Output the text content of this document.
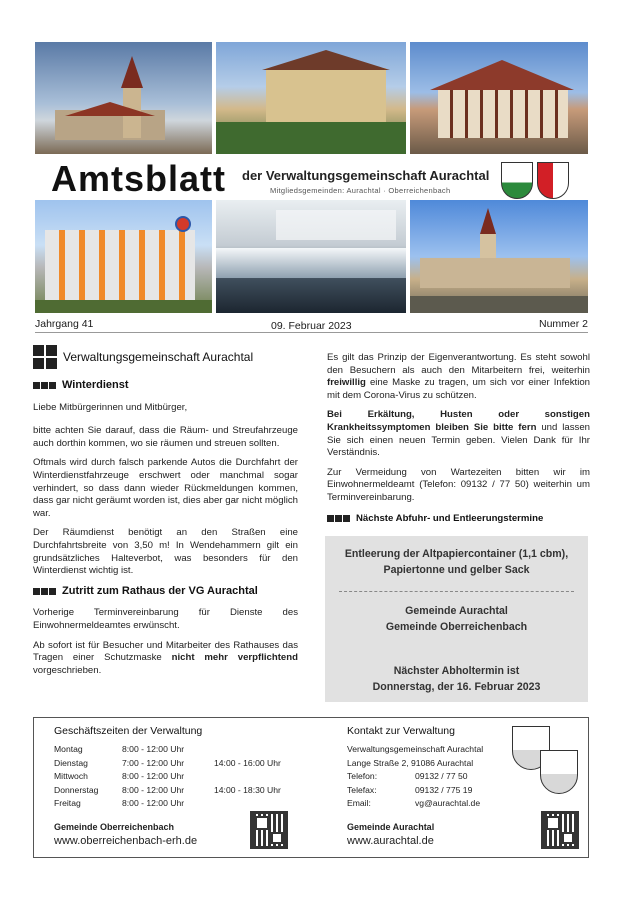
Amtsblatt der Verwaltungsgemeinschaft Aurachtal
Mitgliedsgemeinden: Aurachtal · Oberreichenbach
Jahrgang 41	09. Februar 2023	Nummer 2
Verwaltungsgemeinschaft Aurachtal
Winterdienst

Liebe Mitbürgerinnen und Mitbürger,

bitte achten Sie darauf, dass die Räum- und Streufahrzeuge auch dorthin kommen, wo sie räumen und streuen sollten.

Oftmals wird durch falsch parkende Autos die Durchfahrt der Winterdienstfahrzeuge erschwert oder manchmal sogar verhindert, so dass dann wieder Rückmeldungen kommen, dass gar nicht geräumt worden ist, dies aber gar nicht möglich war.

Der Räumdienst benötigt an den Straßen eine Durchfahrtsbreite von 3,50 m! In Wendehammern gilt ein grundsätzliches Halteverbot, was besonders für den Winterdienst wichtig ist.

Zutritt zum Rathaus der VG Aurachtal

Vorherige Terminvereinbarung für Dienste des Einwohnermeldeamtes erwünscht.

Ab sofort ist für Besucher und Mitarbeiter des Rathauses das Tragen einer Schutzmaske nicht mehr verpflichtend vorgeschrieben.

Es gilt das Prinzip der Eigenverantwortung. Es steht sowohl den Besuchern als auch den Mitarbeitern frei, weiterhin freiwillig eine Maske zu tragen, um sich vor einer Infektion mit dem Corona-Virus zu schützen.

Bei Erkältung, Husten oder sonstigen Krankheitssymptomen bleiben Sie bitte fern und lassen Sie sich einen neuen Termin geben. Vielen Dank für Ihr Verständnis.

Zur Vermeidung von Wartezeiten bitten wir im Einwohnermeldeamt (Telefon: 09132 / 77 50) weiterhin um Terminvereinbarung.

Nächste Abfuhr- und Entleerungstermine
Entleerung der Altpapiercontainer (1,1 cbm),
Papiertonne und gelber Sack
Gemeinde Aurachtal
Gemeinde Oberreichenbach
Nächster Abholtermin ist
Donnerstag, der 16. Februar 2023
Geschäftszeiten der Verwaltung
Montag	8:00 - 12:00 Uhr
Dienstag	7:00 - 12:00 Uhr	14:00 - 16:00 Uhr
Mittwoch	8:00 - 12:00 Uhr
Donnerstag	8:00 - 12:00 Uhr	14:00 - 18:30 Uhr
Freitag	8:00 - 12:00 Uhr
Kontakt zur Verwaltung
Verwaltungsgemeinschaft Aurachtal
Lange Straße 2, 91086 Aurachtal
Telefon:	09132 / 77 50
Telefax:	09132 / 775 19
Email:	vg@aurachtal.de
Gemeinde Oberreichenbach
www.oberreichenbach-erh.de
Gemeinde Aurachtal
www.aurachtal.de
